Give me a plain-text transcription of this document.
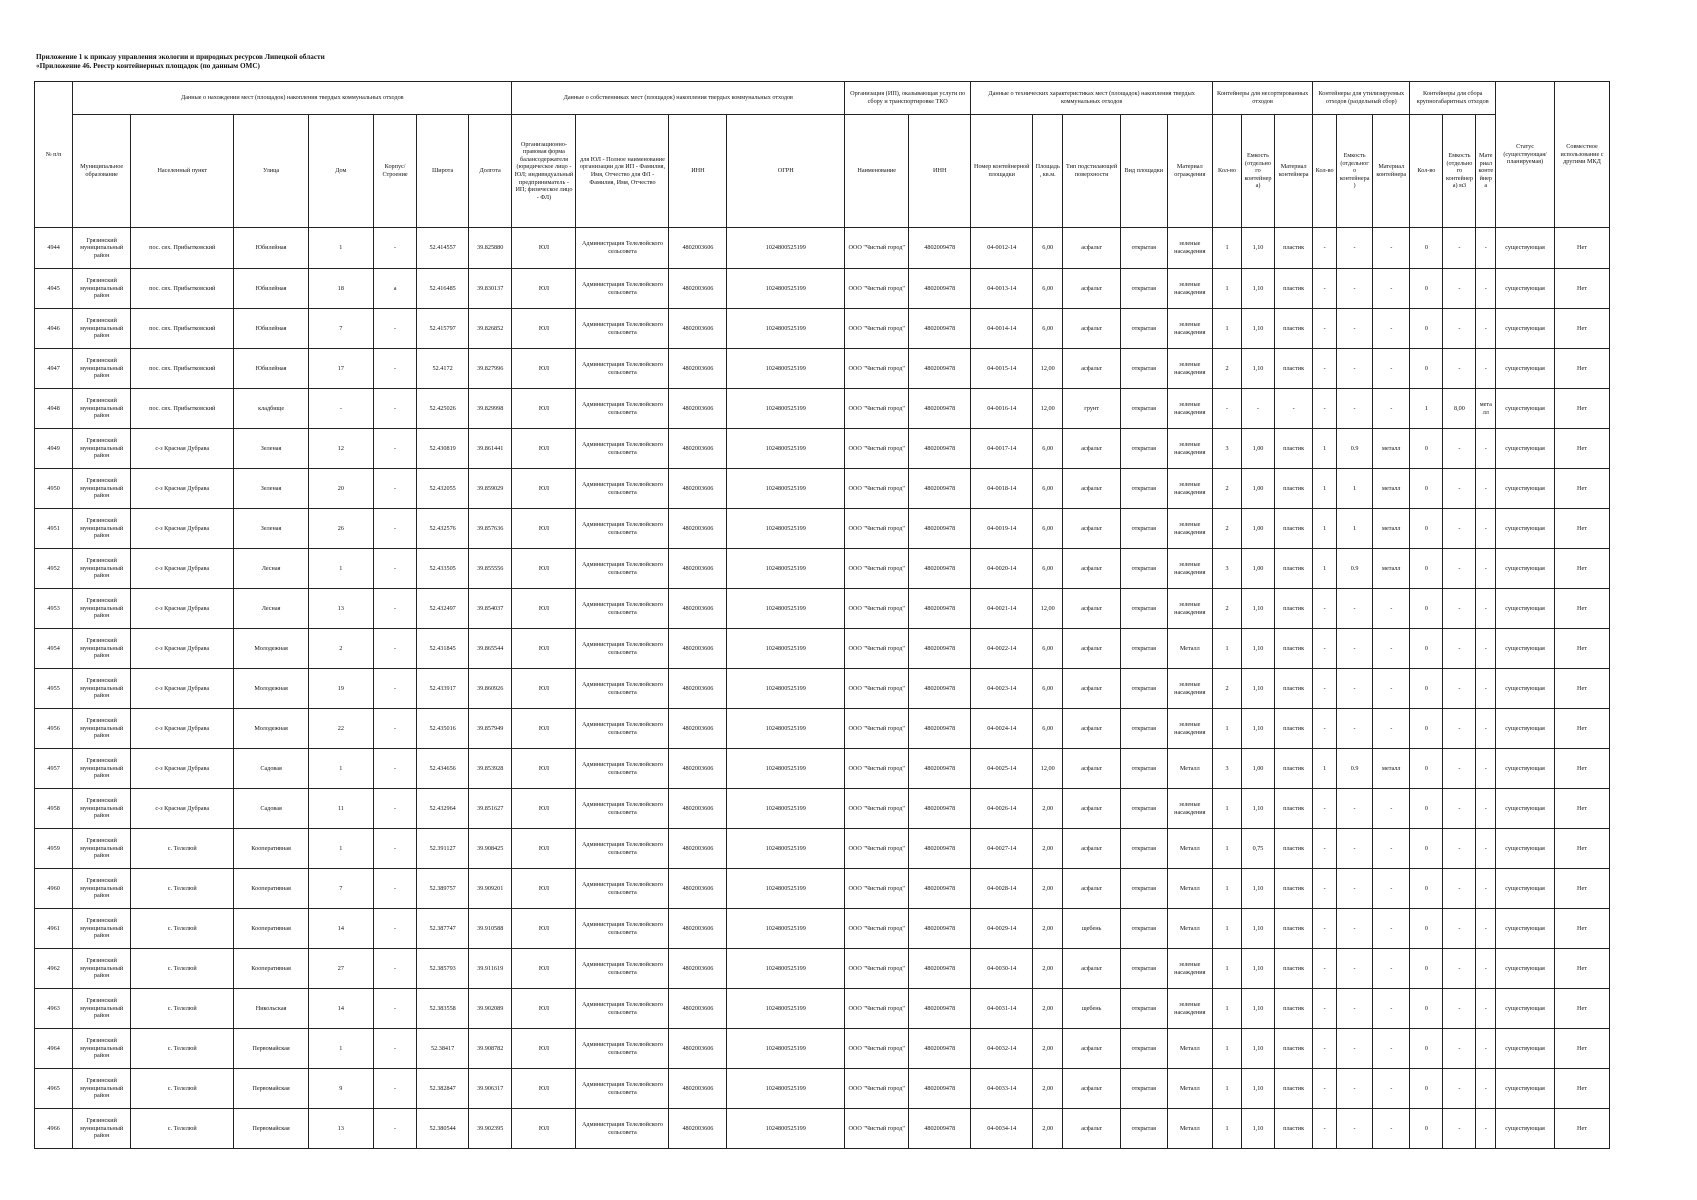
Приложение 1 к приказу управления экологии и природных ресурсов Липецкой области
«Приложение 46. Реестр контейнерных площадок (по данным ОМС)
№ п/п	Данные о нахождении мест (площадок) накопления твердых коммунальных отходов							Данные о собственниках мест (площадок) накопления твердых коммунальных отходов				Организация (ИП), оказывающая услуги по сбору и транспортировке ТКО		Данные о технических характеристиках мест (площадок) накопления твердых коммунальных отходов					Контейнеры для несортированных отходов			Контейнеры для утилизируемых отходов (раздельный сбор)			Контейнеры для сбора крупногабаритных отходов			Статус (существующая/планируемая)	Совместное использование с другими МКД
	Муниципальное образование	Населенный пункт	Улица	Дом	Корпус/Строение	Широта	Долгота	Организационно-правовая форма балансодержателя (юридическое лицо - ЮЛ; индивидуальный предприниматель - ИП; физическое лицо - ФЛ)	для ЮЛ - Полное наименование организации для ИП - Фамилия, Имя, Отчество для ФЛ - Фамилия, Имя, Отчество	ИНН	ОГРН	Наименование	ИНН	Номер контейнерной площадки	Площадь, кв.м.	Тип подстилающей поверхности	Вид площадки	Материал ограждения	Кол-во	Емкость (отдельного контейнера)	Материал контейнера	Кол-во	Емкость (отдельного контейнера)	Материал контейнера	Кол-во	Емкость (отдельного контейнера) м3	Материал контейнера		
4944	Грязинский муниципальный район	пос. свх. Прибытковский	Юбилейная	1	-	52.414557	39.825880	ЮЛ	Администрация Телелюйского сельсовета	4802003606	1024800525199	ООО "Чистый город"	4802009478	04-0012-14	6,00	асфальт	открытая	зеленые насаждения	1	1,10	пластик	-	-	-	0	-	-	существующая	Нет
4945	Грязинский муниципальный район	пос. свх. Прибытковский	Юбилейная	18	а	52.416485	39.830137	ЮЛ	Администрация Телелюйского сельсовета	4802003606	1024800525199	ООО "Чистый город"	4802009478	04-0013-14	6,00	асфальт	открытая	зеленые насаждения	1	1,10	пластик	-	-	-	0	-	-	существующая	Нет
4946	Грязинский муниципальный район	пос. свх. Прибытковский	Юбилейная	7	-	52.415797	39.826852	ЮЛ	Администрация Телелюйского сельсовета	4802003606	1024800525199	ООО "Чистый город"	4802009478	04-0014-14	6,00	асфальт	открытая	зеленые насаждения	1	1,10	пластик	-	-	-	0	-	-	существующая	Нет
4947	Грязинский муниципальный район	пос. свх. Прибытковский	Юбилейная	17	-	52.4172	39.827996	ЮЛ	Администрация Телелюйского сельсовета	4802003606	1024800525199	ООО "Чистый город"	4802009478	04-0015-14	12,00	асфальт	открытая	зеленые насаждения	2	1,10	пластик	-	-	-	0	-	-	существующая	Нет
4948	Грязинский муниципальный район	пос. свх. Прибытковский	кладбище	-	-	52.425026	39.829998	ЮЛ	Администрация Телелюйского сельсовета	4802003606	1024800525199	ООО "Чистый город"	4802009478	04-0016-14	12,00	грунт	открытая	зеленые насаждения	-	-	-	-	-	-	1	8,00	металл	существующая	Нет
4949	Грязинский муниципальный район	с-з Красная Дубрава	Зеленая	12	-	52.430819	39.861441	ЮЛ	Администрация Телелюйского сельсовета	4802003606	1024800525199	ООО "Чистый город"	4802009478	04-0017-14	6,00	асфальт	открытая	зеленые насаждения	3	1,00	пластик	1	0.9	металл	0	-	-	существующая	Нет
4950	Грязинский муниципальный район	с-з Красная Дубрава	Зеленая	20	-	52.432055	39.859029	ЮЛ	Администрация Телелюйского сельсовета	4802003606	1024800525199	ООО "Чистый город"	4802009478	04-0018-14	6,00	асфальт	открытая	зеленые насаждения	2	1,00	пластик	1	1	металл	0	-	-	существующая	Нет
4951	Грязинский муниципальный район	с-з Красная Дубрава	Зеленая	26	-	52.432576	39.857636	ЮЛ	Администрация Телелюйского сельсовета	4802003606	1024800525199	ООО "Чистый город"	4802009478	04-0019-14	6,00	асфальт	открытая	зеленые насаждения	2	1,00	пластик	1	1	металл	0	-	-	существующая	Нет
4952	Грязинский муниципальный район	с-з Красная Дубрава	Лесная	1	-	52.433505	39.855556	ЮЛ	Администрация Телелюйского сельсовета	4802003606	1024800525199	ООО "Чистый город"	4802009478	04-0020-14	6,00	асфальт	открытая	зеленые насаждения	3	1,00	пластик	1	0.9	металл	0	-	-	существующая	Нет
4953	Грязинский муниципальный район	с-з Красная Дубрава	Лесная	13	-	52.432497	39.854037	ЮЛ	Администрация Телелюйского сельсовета	4802003606	1024800525199	ООО "Чистый город"	4802009478	04-0021-14	12,00	асфальт	открытая	зеленые насаждения	2	1,10	пластик	-	-	-	0	-	-	существующая	Нет
4954	Грязинский муниципальный район	с-з Красная Дубрава	Молодежная	2	-	52.431845	39.865544	ЮЛ	Администрация Телелюйского сельсовета	4802003606	1024800525199	ООО "Чистый город"	4802009478	04-0022-14	6,00	асфальт	открытая	Металл	1	1,10	пластик	-	-	-	0	-	-	существующая	Нет
4955	Грязинский муниципальный район	с-з Красная Дубрава	Молодежная	19	-	52.433917	39.860926	ЮЛ	Администрация Телелюйского сельсовета	4802003606	1024800525199	ООО "Чистый город"	4802009478	04-0023-14	6,00	асфальт	открытая	зеленые насаждения	2	1,10	пластик	-	-	-	0	-	-	существующая	Нет
4956	Грязинский муниципальный район	с-з Красная Дубрава	Молодежная	22	-	52.435016	39.857949	ЮЛ	Администрация Телелюйского сельсовета	4802003606	1024800525199	ООО "Чистый город"	4802009478	04-0024-14	6,00	асфальт	открытая	зеленые насаждения	1	1,10	пластик	-	-	-	0	-	-	существующая	Нет
4957	Грязинский муниципальный район	с-з Красная Дубрава	Садовая	1	-	52.434656	39.853928	ЮЛ	Администрация Телелюйского сельсовета	4802003606	1024800525199	ООО "Чистый город"	4802009478	04-0025-14	12,00	асфальт	открытая	Металл	3	1,00	пластик	1	0.9	металл	0	-	-	существующая	Нет
4958	Грязинский муниципальный район	с-з Красная Дубрава	Садовая	11	-	52.432964	39.851627	ЮЛ	Администрация Телелюйского сельсовета	4802003606	1024800525199	ООО "Чистый город"	4802009478	04-0026-14	2,00	асфальт	открытая	зеленые насаждения	1	1,10	пластик	-	-	-	0	-	-	существующая	Нет
4959	Грязинский муниципальный район	с. Телелюй	Кооперативная	1	-	52.391127	39.908425	ЮЛ	Администрация Телелюйского сельсовета	4802003606	1024800525199	ООО "Чистый город"	4802009478	04-0027-14	2,00	асфальт	открытая	Металл	1	0,75	пластик	-	-	-	0	-	-	существующая	Нет
4960	Грязинский муниципальный район	с. Телелюй	Кооперативная	7	-	52.389757	39.909201	ЮЛ	Администрация Телелюйского сельсовета	4802003606	1024800525199	ООО "Чистый город"	4802009478	04-0028-14	2,00	асфальт	открытая	Металл	1	1,10	пластик	-	-	-	0	-	-	существующая	Нет
4961	Грязинский муниципальный район	с. Телелюй	Кооперативная	14	-	52.387747	39.910588	ЮЛ	Администрация Телелюйского сельсовета	4802003606	1024800525199	ООО "Чистый город"	4802009478	04-0029-14	2,00	щебень	открытая	Металл	1	1,10	пластик	-	-	-	0	-	-	существующая	Нет
4962	Грязинский муниципальный район	с. Телелюй	Кооперативная	27	-	52.385793	39.911619	ЮЛ	Администрация Телелюйского сельсовета	4802003606	1024800525199	ООО "Чистый город"	4802009478	04-0030-14	2,00	асфальт	открытая	зеленые насаждения	1	1,10	пластик	-	-	-	0	-	-	существующая	Нет
4963	Грязинский муниципальный район	с. Телелюй	Никольская	14	-	52.383558	39.902089	ЮЛ	Администрация Телелюйского сельсовета	4802003606	1024800525199	ООО "Чистый город"	4802009478	04-0031-14	2,00	щебень	открытая	зеленые насаждения	1	1,10	пластик	-	-	-	0	-	-	существующая	Нет
4964	Грязинский муниципальный район	с. Телелюй	Первомайская	1	-	52.38417	39.908782	ЮЛ	Администрация Телелюйского сельсовета	4802003606	1024800525199	ООО "Чистый город"	4802009478	04-0032-14	2,00	асфальт	открытая	Металл	1	1,10	пластик	-	-	-	0	-	-	существующая	Нет
4965	Грязинский муниципальный район	с. Телелюй	Первомайская	9	-	52.382847	39.906317	ЮЛ	Администрация Телелюйского сельсовета	4802003606	1024800525199	ООО "Чистый город"	4802009478	04-0033-14	2,00	асфальт	открытая	Металл	1	1,10	пластик	-	-	-	0	-	-	существующая	Нет
4966	Грязинский муниципальный район	с. Телелюй	Первомайская	13	-	52.380544	39.902395	ЮЛ	Администрация Телелюйского сельсовета	4802003606	1024800525199	ООО "Чистый город"	4802009478	04-0034-14	2,00	асфальт	открытая	Металл	1	1,10	пластик	-	-	-	0	-	-	существующая	Нет
